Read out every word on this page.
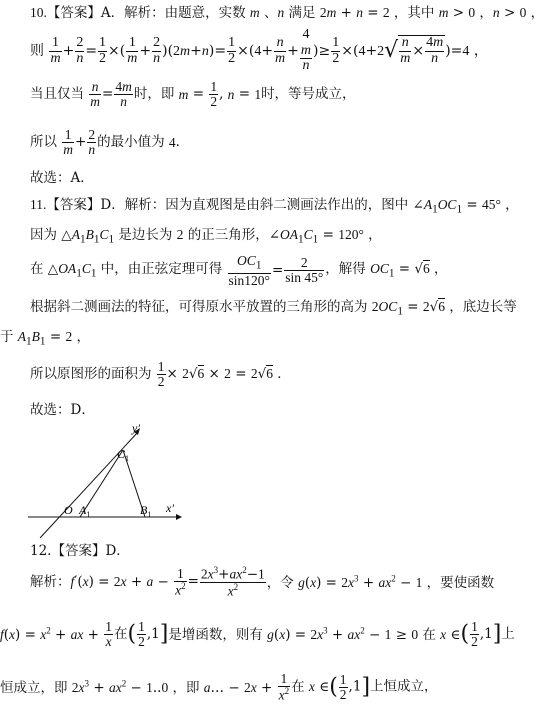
10.【答案】A．解析：由题意，实数 m 、n 满足 2m + n = 2 ，其中 m > 0 ，n > 0 ，
则 $\frac{1}{m} + \frac{2}{n} = \frac{1}{2}$ ×( $\frac{1}{m} + \frac{2}{n} )(2m+n)= \frac{1}{2} \times(4+ \frac{n}{m}$ +
4
m
n
)≥ $\frac{1}{2} \times(4+2√ \frac{n}{m} \times \frac{4m}{n} )=4$ ，
当且仅当 $\frac{n}{m} = \frac{4m}{n}$ 时，即 $m = \frac{1}{2}$ , n = 1时，等号成立，
所以 $\frac{1}{m} + \frac{2}{n}$ 的最小值为 4．
故选：A．
11.【答案】D．解析：因为直观图是由斜二测画法作出的，图中 $\angle A_1OC_1 = 45^\circ$ ，
因为 $\triangle A_1B_1C_1$ 是边长为 2 的正三角形，$\angle OA_1C_1 = 120^\circ$ ，
在 $\triangle OA_1C_1$ 中，由正弦定理可得 $\frac{OC_1}{\sin 120^\circ} = \frac{2}{\sin 45^\circ}$ ，解得 $OC_1 = √6$ ，
根据斜二测画法的特征，可得原水平放置的三角形的高为 $2OC_1 = 2√6$ ，底边长等
于 $A_1B_1 = 2$ ，
所以原图形的面积为 $\frac{1}{2} \times 2√6 \times 2 = 2√6$ ．
故选：D．
y'
x'
$C_1$
O $A_1$	$B_1$
12.【答案】D．
解析：$f'(x) = 2x + a - \frac{1}{x^2} = \frac{2x^3+ax^2-1}{x^2}$ ，令 $g(x) = 2x^3 + ax^2 - 1$ ，要使函数
$f(x) = x^2$ + ax + $\frac{1}{x}$ 在( $\frac{1}{2} ,1$]是增函数，则有 $g(x) = 2x^3 + ax^2 - 1 \ge 0$ 在 x ∈( $\frac{1}{2} ,1$]上
恒成立，即 $2x^3 + ax^2 - 1..0$ ，即 a… − $2x + \frac{1}{x^2}$ 在 x ∈( $\frac{1}{2} ,1$]上恒成立，
